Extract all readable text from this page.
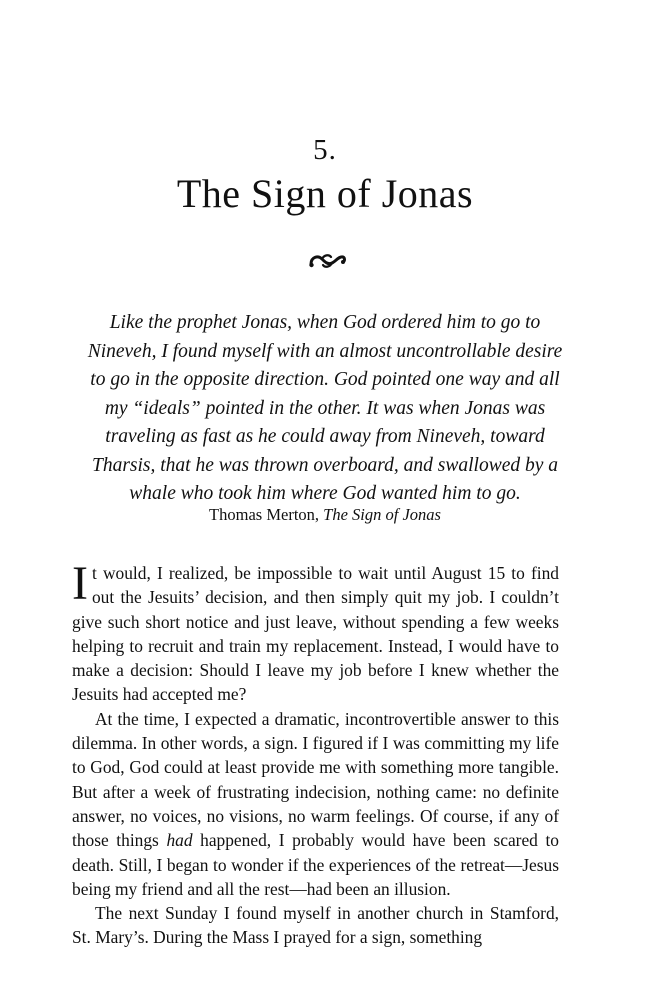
5.
The Sign of Jonas
Like the prophet Jonas, when God ordered him to go to
Nineveh, I found myself with an almost uncontrollable desire
to go in the opposite direction. God pointed one way and all
my “ideals” pointed in the other. It was when Jonas was
traveling as fast as he could away from Nineveh, toward
Tharsis, that he was thrown overboard, and swallowed by a
whale who took him where God wanted him to go.
Thomas Merton, The Sign of Jonas

It would, I realized, be impossible to wait until August 15 to find out the Jesuits’ decision, and then simply quit my job. I couldn’t give such short notice and just leave, without spending a few weeks helping to recruit and train my replacement. Instead, I would have to make a decision: Should I leave my job before I knew whether the Jesuits had accepted me?

At the time, I expected a dramatic, incontrovertible answer to this dilemma. In other words, a sign. I figured if I was committing my life to God, God could at least provide me with something more tangible. But after a week of frustrating indecision, nothing came: no definite answer, no voices, no visions, no warm feelings. Of course, if any of those things had happened, I probably would have been scared to death. Still, I began to wonder if the experiences of the retreat—Jesus being my friend and all the rest—had been an illusion.

The next Sunday I found myself in another church in Stamford, St. Mary’s. During the Mass I prayed for a sign, something
